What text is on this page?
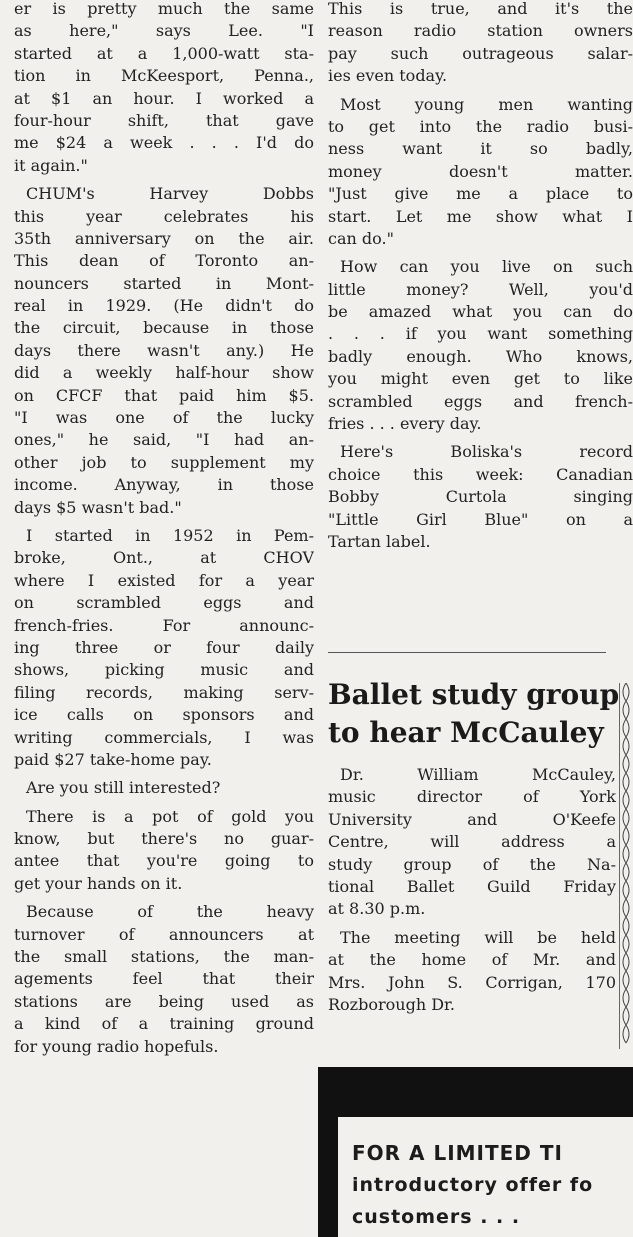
er is pretty much the same
as here," says Lee. "I
started at a 1,000-watt sta-
tion in McKeesport, Penna.,
at $1 an hour. I worked a
four-hour shift, that gave
me $24 a week . . . I'd do
it again."
CHUM's Harvey Dobbs
this year celebrates his
35th anniversary on the air.
This dean of Toronto an-
nouncers started in Mont-
real in 1929. (He didn't do
the circuit, because in those
days there wasn't any.) He
did a weekly half-hour show
on CFCF that paid him $5.
"I was one of the lucky
ones," he said, "I had an-
other job to supplement my
income. Anyway, in those
days $5 wasn't bad."
I started in 1952 in Pem-
broke, Ont., at CHOV
where I existed for a year
on scrambled eggs and
french-fries. For announc-
ing three or four daily
shows, picking music and
filing records, making serv-
ice calls on sponsors and
writing commercials, I was
paid $27 take-home pay.
Are you still interested?
There is a pot of gold you
know, but there's no guar-
antee that you're going to
get your hands on it.
Because of the heavy
turnover of announcers at
the small stations, the man-
agements feel that their
stations are being used as
a kind of a training ground
for young radio hopefuls.
This is true, and it's the
reason radio station owners
pay such outrageous salar-
ies even today.
Most young men wanting
to get into the radio busi-
ness want it so badly,
money doesn't matter.
"Just give me a place to
start. Let me show what I
can do."
How can you live on such
little money? Well, you'd
be amazed what you can do
. . . if you want something
badly enough. Who knows,
you might even get to like
scrambled eggs and french-
fries . . . every day.
Here's Boliska's record
choice this week: Canadian
Bobby Curtola singing
"Little Girl Blue" on a
Tartan label.
Ballet study group
to hear McCauley
Dr. William McCauley,
music director of York
University and O'Keefe
Centre, will address a
study group of the Na-
tional Ballet Guild Friday
at 8.30 p.m.
The meeting will be held
at the home of Mr. and
Mrs. John S. Corrigan, 170
Rozborough Dr.
FOR A LIMITED TI
introductory offer fo
customers . . .
